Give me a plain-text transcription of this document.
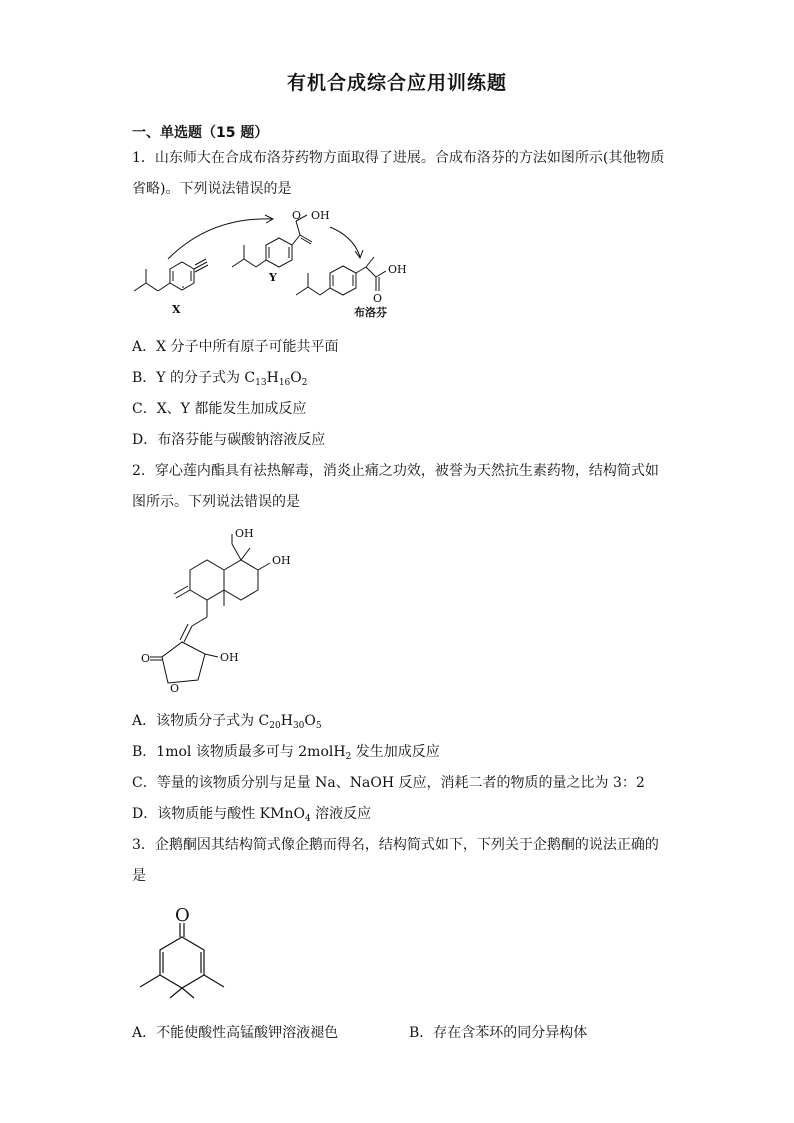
有机合成综合应用训练题
一、单选题（15 题）
1．山东师大在合成布洛芬药物方面取得了进展。合成布洛芬的方法如图所示(其他物质
省略)。下列说法错误的是
X
Y
布洛芬
O OH
OH
O
A．X 分子中所有原子可能共平面
B．Y 的分子式为 $C_{13}H_{16}O_2$
C．X、Y 都能发生加成反应
D．布洛芬能与碳酸钠溶液反应
2．穿心莲内酯具有祛热解毒，消炎止痛之功效，被誉为天然抗生素药物，结构简式如
图所示。下列说法错误的是
OH
OH
O	OH
O
A．该物质分子式为 $C_{20}H_{30}O_5$
B．1mol 该物质最多可与 2molH$_2$ 发生加成反应
C．等量的该物质分别与足量 Na、NaOH 反应，消耗二者的物质的量之比为 3：2
D．该物质能与酸性 KMnO$_4$ 溶液反应
3．企鹅酮因其结构简式像企鹅而得名，结构简式如下，下列关于企鹅酮的说法正确的
是
O
A．不能使酸性高锰酸钾溶液褪色	B．存在含苯环的同分异构体
